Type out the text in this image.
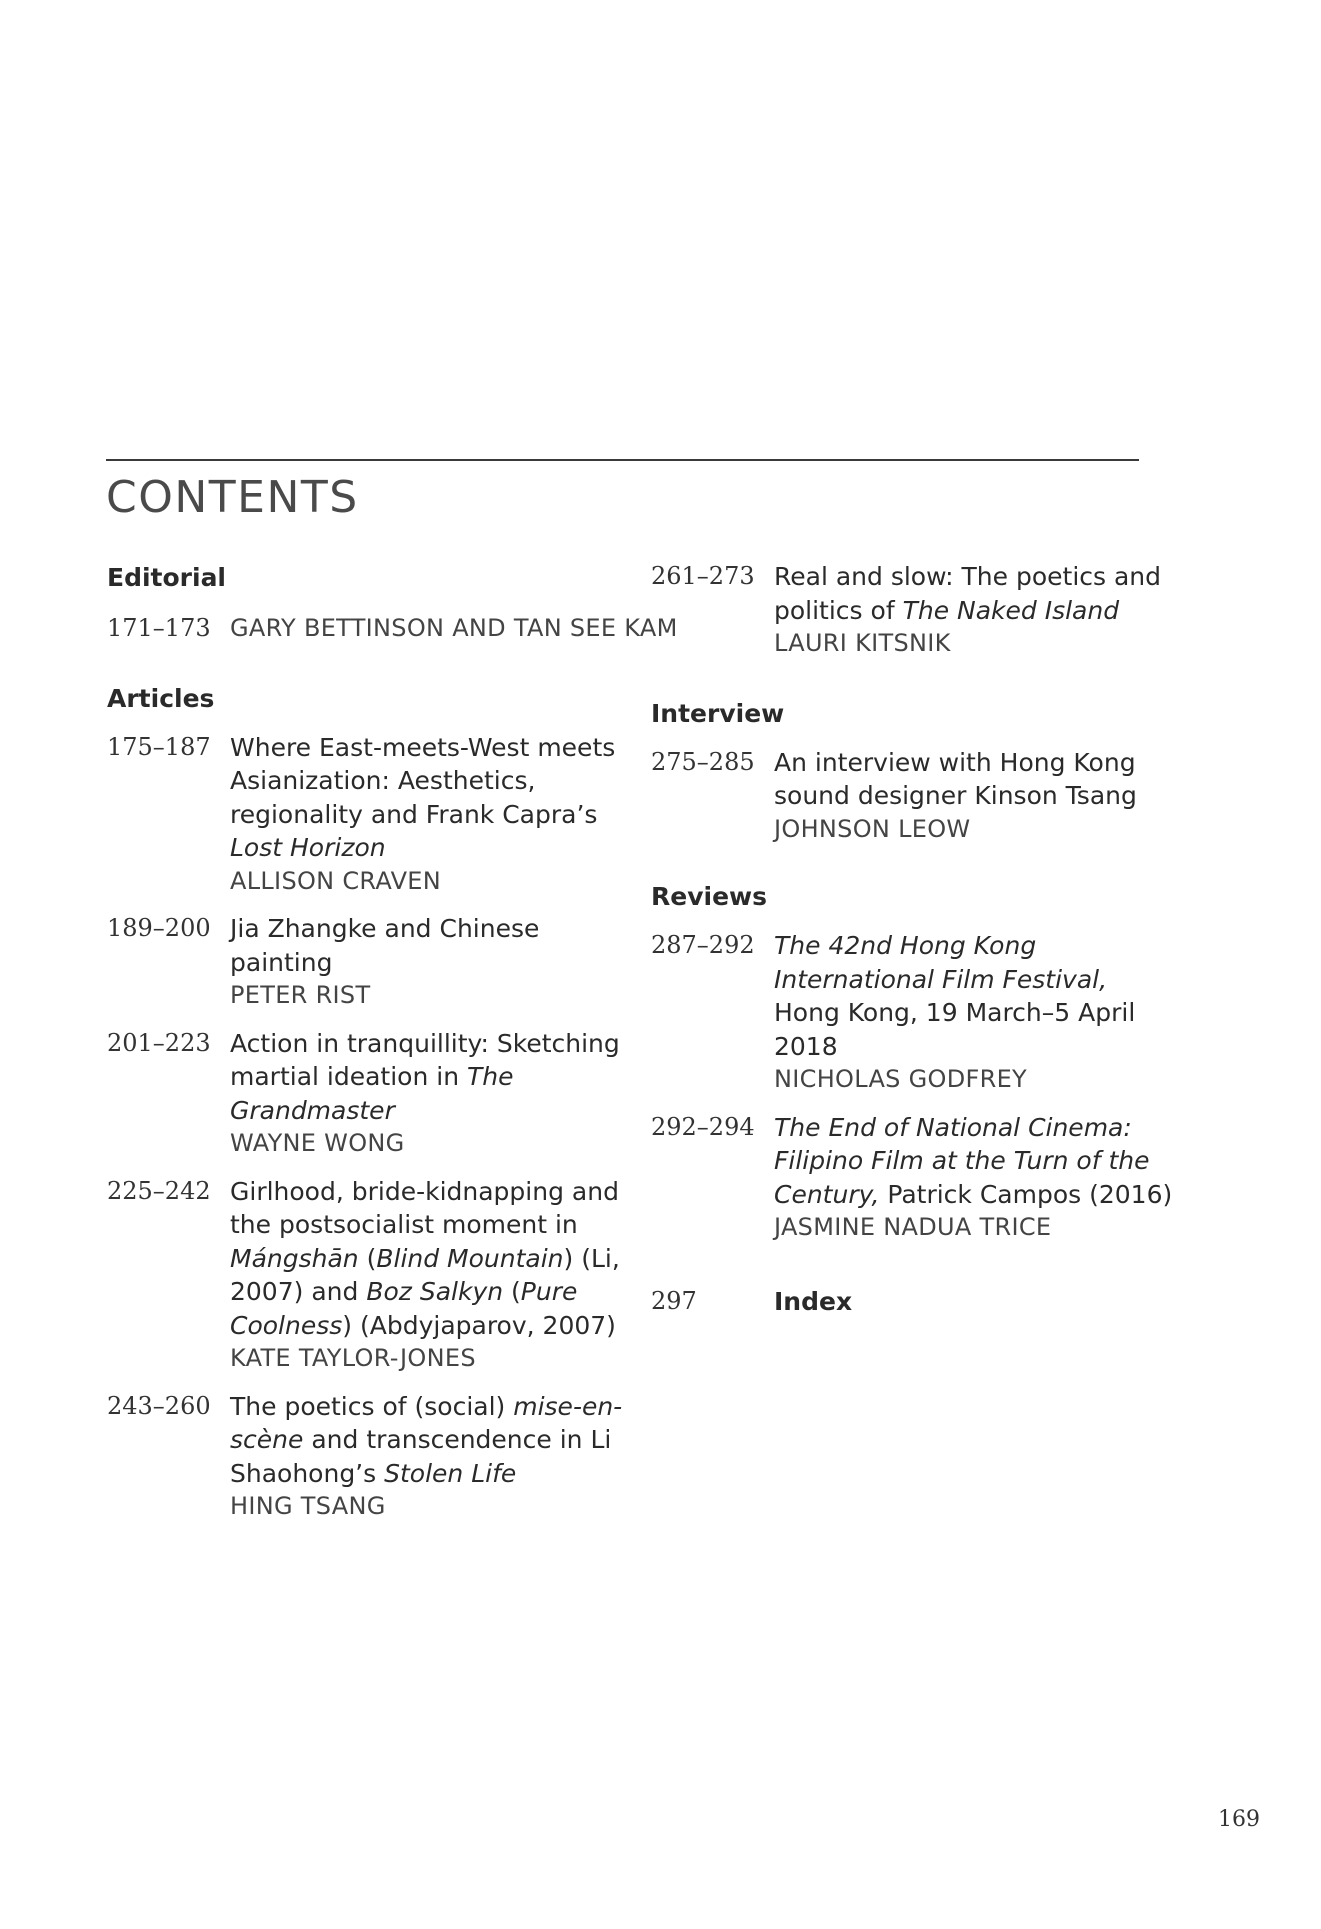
CONTENTS
Editorial
171–173 GARY BETTINSON AND TAN SEE KAM
Articles
175–187 Where East-meets-West meets Asianization: Aesthetics, regionality and Frank Capra’s Lost Horizon
ALLISON CRAVEN
189–200 Jia Zhangke and Chinese painting
PETER RIST
201–223 Action in tranquillity: Sketching martial ideation in The Grandmaster
WAYNE WONG
225–242 Girlhood, bride-kidnapping and the postsocialist moment in Mángshān (Blind Mountain) (Li, 2007) and Boz Salkyn (Pure Coolness) (Abdyjaparov, 2007)
KATE TAYLOR-JONES
243–260 The poetics of (social) mise-en-scène and transcendence in Li Shaohong’s Stolen Life
HING TSANG
261–273 Real and slow: The poetics and politics of The Naked Island
LAURI KITSNIK
Interview
275–285 An interview with Hong Kong sound designer Kinson Tsang
JOHNSON LEOW
Reviews
287–292 The 42nd Hong Kong International Film Festival, Hong Kong, 19 March–5 April 2018
NICHOLAS GODFREY
292–294 The End of National Cinema: Filipino Film at the Turn of the Century, Patrick Campos (2016)
JASMINE NADUA TRICE
297	Index
169
